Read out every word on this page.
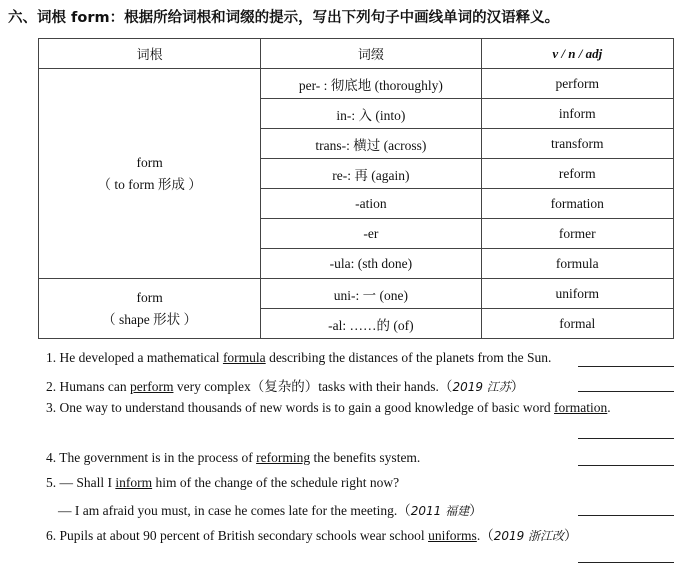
六、词根 form：根据所给词根和词缀的提示，写出下列句子中画线单词的汉语释义。
词根	词缀	v / n / adj

form
（ to form 形成 ）	per- : 彻底地 (thoroughly)	perform
	in-: 入 (into)	inform
	trans-: 横过 (across)	transform
	re-: 再 (again)	reform
	-ation	formation
	-er	former
	-ula: (sth done)	formula

form
（ shape 形状 ）	uni-: 一 (one)	uniform
	-al: ……的 (of)	formal
1. He developed a mathematical formula describing the distances of the planets from the Sun.
2. Humans can perform very complex（复杂的）tasks with their hands.（2019 江苏）
3. One way to understand thousands of new words is to gain a good knowledge of basic word formation.
4. The government is in the process of reforming the benefits system.
5. — Shall I inform him of the change of the schedule right now?
— I am afraid you must, in case he comes late for the meeting.（2011 福建）
6. Pupils at about 90 percent of British secondary schools wear school uniforms.（2019 浙江改）
